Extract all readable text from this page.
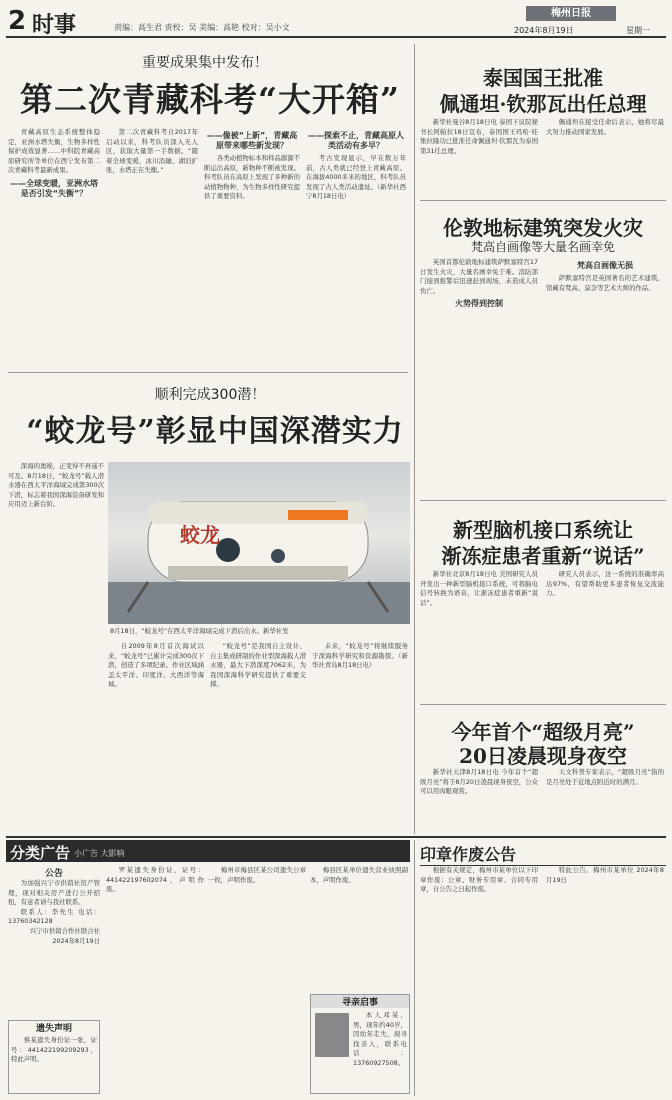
2 时事	责编：高生君 责校：吴 美编：高艳 校对：吴小文
梅州日报
2024年8月19日	星期一
重要成果集中发布！
第二次青藏科考“大开箱”

青藏高原生态系统整体稳定，亚洲水塔失衡，生物多样性保护成效显著……中科院青藏高原研究所等单位在西宁发布第二次青藏科考最新成果。

——全球变暖，亚洲水塔是否引发“失衡”？

第二次青藏科考自2017年启动以来，科考队员深入无人区，获取大量第一手数据。“随着全球变暖，冰川消融、湖泊扩张，水塔正在失衡。”

——像被“上新”，青藏高原带来哪些新发现？

各类动植物标本和样品源源不断运出高原，新物种不断被发现。科考队员在高原上发现了多种新的动植物物种，为生物多样性研究提供了重要资料。

——探索不止，青藏高原人类活动有多早？

考古发现显示，早在数万年前，古人类就已经登上青藏高原。在海拔4000多米的地区，科考队员发现了古人类活动遗址。（新华社西宁8月18日电）

顺利完成300潜！
“蛟龙号”彰显中国深潜实力

深海的奥秘，正变得不再遥不可及。8月18日，“蛟龙号”载人潜水器在西太平洋海域完成第300次下潜，标志着我国深海装备研发和应用迈上新台阶。

蛟龙
8月18日，“蛟龙号”在西太平洋海域完成下潜后出水。新华社发

自2009年8月首次海试以来，“蛟龙号”已累计完成300次下潜，创造了多项纪录。作业区域涵盖太平洋、印度洋、大西洋等海域。

“蛟龙号”是我国自主设计、自主集成研制的作业型深海载人潜水器，最大下潜深度7062米，为我国深海科学研究提供了重要支撑。

未来，“蛟龙号”将继续服务于深海科学研究和资源勘探。（新华社青岛8月18日电）

泰国国王批准
佩通坦·钦那瓦出任总理

新华社曼谷8月18日电 泰国下议院秘书长阿帕拉18日宣布，泰国国王玛哈·哇集拉隆功已批准任命佩通坦·钦那瓦为泰国第31任总理。

佩通坦在接受任命后表示，她将尽最大努力推动国家发展。

伦敦地标建筑突发火灾
梵高自画像等大量名画幸免

英国首都伦敦地标建筑萨默塞特宫17日发生火灾，大量名画幸免于难。消防部门接到报警后迅速赶到现场，未造成人员伤亡。

火势得到控制
梵高自画像无损

萨默塞特宫是英国著名的艺术建筑，馆藏有梵高、莫奈等艺术大师的作品。

新型脑机接口系统让
渐冻症患者重新“说话”

新华社北京8月18日电 美国研究人员开发出一种新型脑机接口系统，可将脑电信号转换为语音，让渐冻症患者重新“说话”。

研究人员表示，这一系统的准确率高达97%，有望帮助更多患者恢复交流能力。

今年首个“超级月亮”
20日凌晨现身夜空

新华社天津8月18日电 今年首个“超级月亮”将于8月20日凌晨现身夜空，公众可以用肉眼观赏。

天文科普专家表示，“超级月亮”指的是月亮处于近地点附近时的满月。

分类广告 小广告 大影响
公告

为加强兴宁市供销社资产管理，现对相关房产进行公开招租，有意者请与我社联系。

联系人：李先生 电话：13760342128

兴宁市供销合作社联合社
2024年8月19日
遗失声明

蔡某遗失身份证一张，证号：441422199209293，特此声明。

罗某遗失身份证，证号：441422197602074，声明作废。

梅州市梅县区某公司遗失公章一枚，声明作废。

梅县区某单位遗失营业执照副本，声明作废。

寻亲启事

本人邓某，男，现年约40岁，因幼年走失，现寻找亲人，联系电话：13760927508。

印章作废公告

根据有关规定，梅州市某单位以下印章作废：公章、财务专用章、合同专用章，自公告之日起作废。

特此公告。梅州市某单位 2024年8月19日
